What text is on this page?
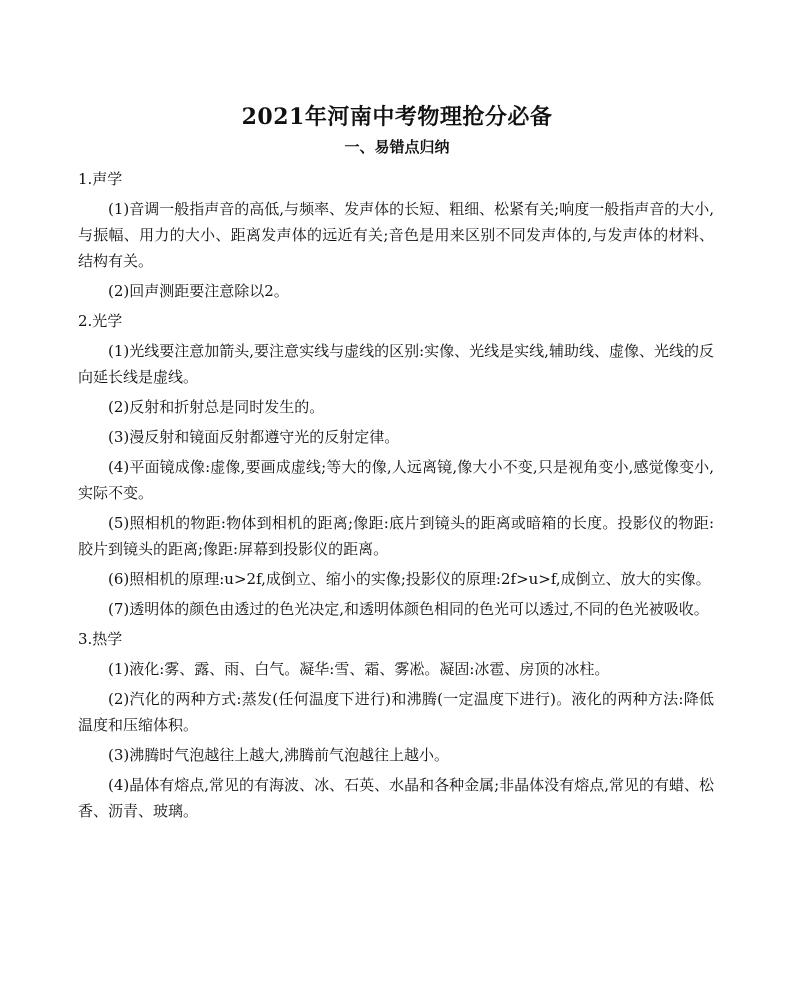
2021年河南中考物理抢分必备
一、易错点归纳
1.声学

(1)音调一般指声音的高低,与频率、发声体的长短、粗细、松紧有关;响度一般指声音的大小,与振幅、用力的大小、距离发声体的远近有关;音色是用来区别不同发声体的,与发声体的材料、结构有关。

(2)回声测距要注意除以2。

2.光学

(1)光线要注意加箭头,要注意实线与虚线的区别:实像、光线是实线,辅助线、虚像、光线的反向延长线是虚线。

(2)反射和折射总是同时发生的。

(3)漫反射和镜面反射都遵守光的反射定律。

(4)平面镜成像:虚像,要画成虚线;等大的像,人远离镜,像大小不变,只是视角变小,感觉像变小,实际不变。

(5)照相机的物距:物体到相机的距离;像距:底片到镜头的距离或暗箱的长度。投影仪的物距:胶片到镜头的距离;像距:屏幕到投影仪的距离。

(6)照相机的原理:u>2f,成倒立、缩小的实像;投影仪的原理:2f>u>f,成倒立、放大的实像。

(7)透明体的颜色由透过的色光决定,和透明体颜色相同的色光可以透过,不同的色光被吸收。

3.热学

(1)液化:雾、露、雨、白气。凝华:雪、霜、雾凇。凝固:冰雹、房顶的冰柱。

(2)汽化的两种方式:蒸发(任何温度下进行)和沸腾(一定温度下进行)。液化的两种方法:降低温度和压缩体积。

(3)沸腾时气泡越往上越大,沸腾前气泡越往上越小。

(4)晶体有熔点,常见的有海波、冰、石英、水晶和各种金属;非晶体没有熔点,常见的有蜡、松香、沥青、玻璃。
